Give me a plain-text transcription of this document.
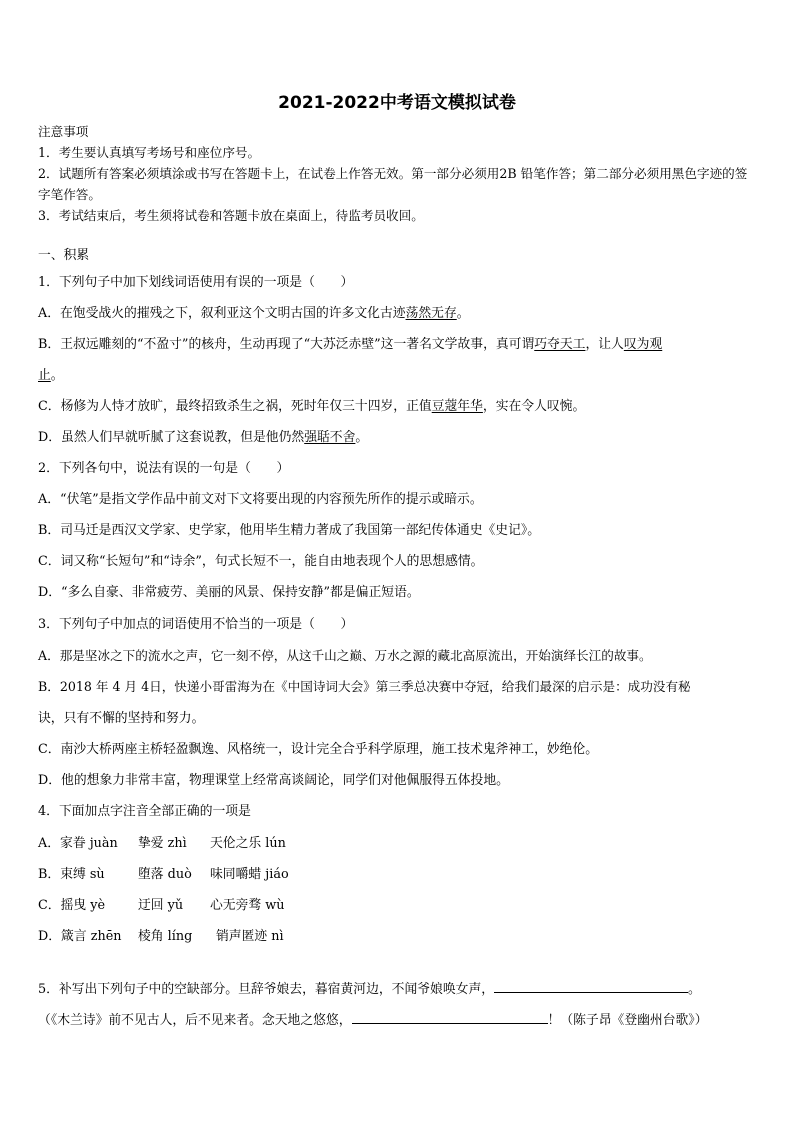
2021-2022中考语文模拟试卷
注意事项
1．考生要认真填写考场号和座位序号。
2．试题所有答案必须填涂或书写在答题卡上，在试卷上作答无效。第一部分必须用2B 铅笔作答；第二部分必须用黑色字迹的签字笔作答。
3．考试结束后，考生须将试卷和答题卡放在桌面上，待监考员收回。
一、积累
1．下列句子中加下划线词语使用有误的一项是（　　）
A．在饱受战火的摧残之下，叙利亚这个文明古国的许多文化古迹荡然无存。
B．王叔远雕刻的“不盈寸”的核舟，生动再现了“大苏泛赤壁”这一著名文学故事，真可谓巧夺天工，让人叹为观
止。
C．杨修为人恃才放旷，最终招致杀生之祸，死时年仅三十四岁，正值豆蔻年华，实在令人叹惋。
D．虽然人们早就听腻了这套说教，但是他仍然强聒不舍。
2．下列各句中，说法有误的一句是（　　）
A．“伏笔”是指文学作品中前文对下文将要出现的内容预先所作的提示或暗示。
B．司马迁是西汉文学家、史学家，他用毕生精力著成了我国第一部纪传体通史《史记》。
C．词又称“长短句”和“诗余”，句式长短不一，能自由地表现个人的思想感情。
D．“多么自豪、非常疲劳、美丽的风景、保持安静”都是偏正短语。
3．下列句子中加点的词语使用不恰当的一项是（　　）
A．那是坚冰之下的流水之声，它一刻不停，从这千山之巅、万水之源的藏北高原流出，开始演绎长江的故事。
B．2018 年 4 月 4日，快递小哥雷海为在《中国诗词大会》第三季总决赛中夺冠，给我们最深的启示是：成功没有秘
诀，只有不懈的坚持和努力。
C．南沙大桥两座主桥轻盈飘逸、风格统一，设计完全合乎科学原理，施工技术鬼斧神工，妙绝伦。
D．他的想象力非常丰富，物理课堂上经常高谈阔论，同学们对他佩服得五体投地。
4．下面加点字注音全部正确的一项是
A．家眷 juàn 挚爱 zhì 天伦之乐 lún
B．束缚 sù	堕落 duò 味同嚼蜡 jiáo
C．摇曳 yè	迂回 yǔ 心无旁骛 wù
D．箴言 zhēn 棱角 líng 销声匿迹 nì
5．补写出下列句子中的空缺部分。旦辞爷娘去，暮宿黄河边，不闻爷娘唤女声，	。
（《木兰诗》前不见古人，后不见来者。念天地之悠悠，	！（陈子昂《登幽州台歌》）
